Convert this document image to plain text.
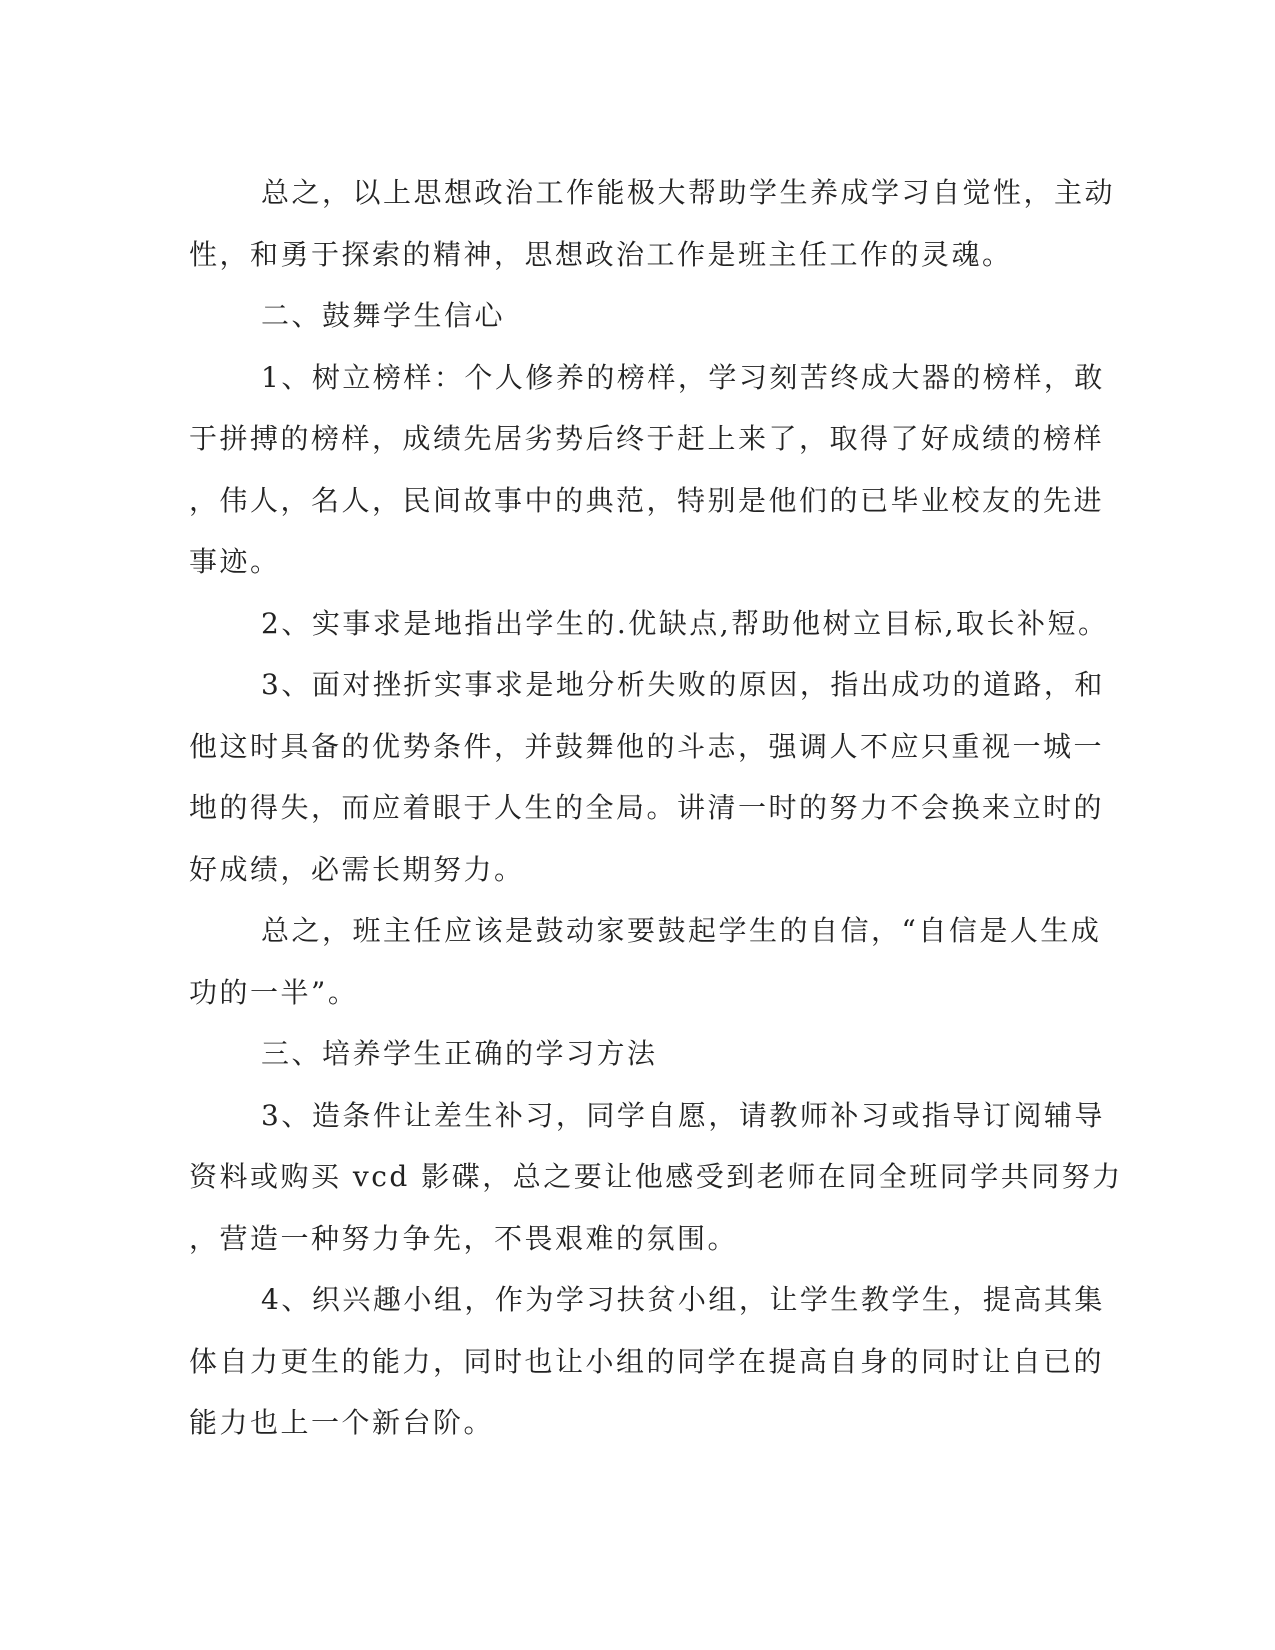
总之，以上思想政治工作能极大帮助学生养成学习自觉性，主动
性，和勇于探索的精神，思想政治工作是班主任工作的灵魂。
二、鼓舞学生信心
1、树立榜样：个人修养的榜样，学习刻苦终成大器的榜样，敢
于拼搏的榜样，成绩先居劣势后终于赶上来了，取得了好成绩的榜样
，伟人，名人，民间故事中的典范，特别是他们的已毕业校友的先进
事迹。
2、实事求是地指出学生的.优缺点,帮助他树立目标,取长补短。
3、面对挫折实事求是地分析失败的原因，指出成功的道路，和
他这时具备的优势条件，并鼓舞他的斗志，强调人不应只重视一城一
地的得失，而应着眼于人生的全局。讲清一时的努力不会换来立时的
好成绩，必需长期努力。
总之，班主任应该是鼓动家要鼓起学生的自信，“自信是人生成
功的一半”。
三、培养学生正确的学习方法
3、造条件让差生补习，同学自愿，请教师补习或指导订阅辅导
资料或购买 vcd 影碟，总之要让他感受到老师在同全班同学共同努力
，营造一种努力争先，不畏艰难的氛围。
4、织兴趣小组，作为学习扶贫小组，让学生教学生，提高其集
体自力更生的能力，同时也让小组的同学在提高自身的同时让自已的
能力也上一个新台阶。
